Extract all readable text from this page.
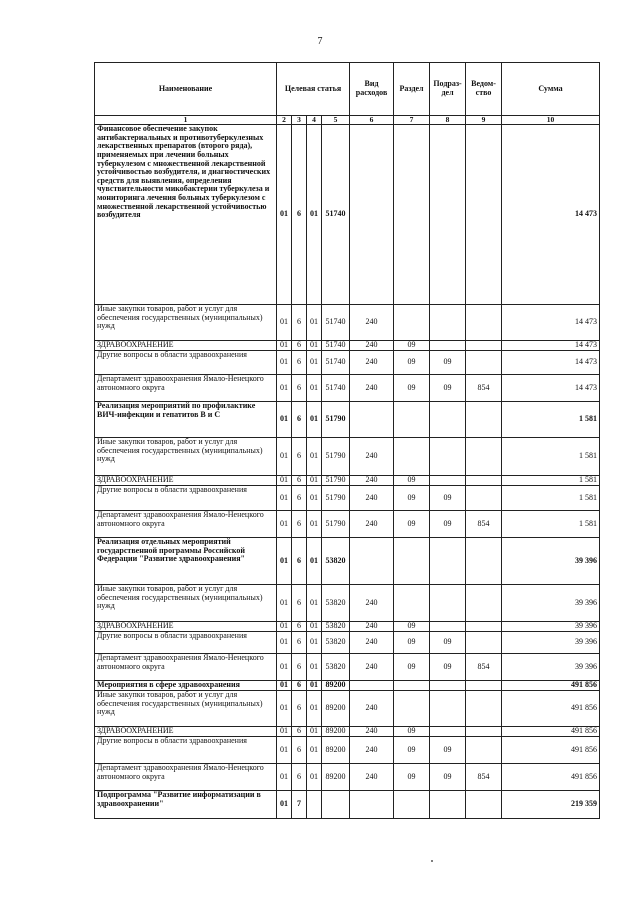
7
Наименование	Целевая статья				Вид расходов	Раздел	Подраз-дел	Ведом-ство	Сумма
1	2	3	4	5	6	7	8	9	10
Финансовое обеспечение закупок антибактериальных и противотуберкулезных лекарственных препаратов (второго ряда), применяемых при лечении больных туберкулезом с множественной лекарственной устойчивостью возбудителя, и диагностических средств для выявления, определения чувствительности микобактерии туберкулеза и мониторинга лечения больных туберкулезом с множественной лекарственной устойчивостью возбудителя	01	6	01	51740					14 473
Иные закупки товаров, работ и услуг для обеспечения государственных (муниципальных) нужд	01	6	01	51740	240				14 473
ЗДРАВООХРАНЕНИЕ	01	6	01	51740	240	09			14 473
Другие вопросы в области здравоохранения	01	6	01	51740	240	09	09		14 473
Департамент здравоохранения Ямало-Ненецкого автономного округа	01	6	01	51740	240	09	09	854	14 473
Реализация мероприятий по профилактике ВИЧ-инфекции и гепатитов B и C	01	6	01	51790					1 581
Иные закупки товаров, работ и услуг для обеспечения государственных (муниципальных) нужд	01	6	01	51790	240				1 581
ЗДРАВООХРАНЕНИЕ	01	6	01	51790	240	09			1 581
Другие вопросы в области здравоохранения	01	6	01	51790	240	09	09		1 581
Департамент здравоохранения Ямало-Ненецкого автономного округа	01	6	01	51790	240	09	09	854	1 581
Реализация отдельных мероприятий государственной программы Российской Федерации "Развитие здравоохранения"	01	6	01	53820					39 396
Иные закупки товаров, работ и услуг для обеспечения государственных (муниципальных) нужд	01	6	01	53820	240				39 396
ЗДРАВООХРАНЕНИЕ	01	6	01	53820	240	09			39 396
Другие вопросы в области здравоохранения	01	6	01	53820	240	09	09		39 396
Департамент здравоохранения Ямало-Ненецкого автономного округа	01	6	01	53820	240	09	09	854	39 396
Мероприятия в сфере здравоохранения	01	6	01	89200					491 856
Иные закупки товаров, работ и услуг для обеспечения государственных (муниципальных) нужд	01	6	01	89200	240				491 856
ЗДРАВООХРАНЕНИЕ	01	6	01	89200	240	09			491 856
Другие вопросы в области здравоохранения	01	6	01	89200	240	09	09		491 856
Департамент здравоохранения Ямало-Ненецкого автономного округа	01	6	01	89200	240	09	09	854	491 856
Подпрограмма "Развитие информатизации в здравоохранении"	01	7							219 359
